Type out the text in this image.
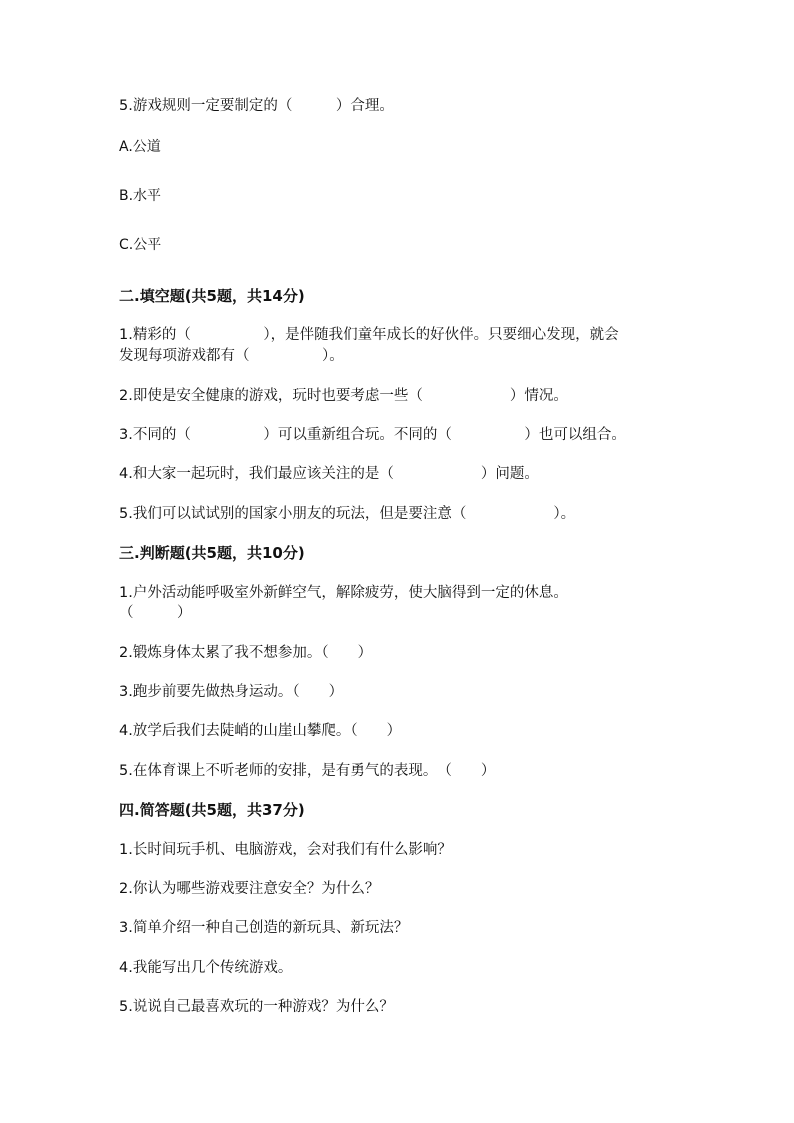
5.游戏规则一定要制定的（　　　）合理。

A.公道

B.水平

C.公平

二.填空题(共5题，共14分)

1.精彩的（　　　　　），是伴随我们童年成长的好伙伴。只要细心发现，就会

发现每项游戏都有（　　　　　）。

2.即使是安全健康的游戏，玩时也要考虑一些（　　　　　　）情况。

3.不同的（　　　　　）可以重新组合玩。不同的（　　　　　）也可以组合。

4.和大家一起玩时，我们最应该关注的是（　　　　　　）问题。

5.我们可以试试别的国家小朋友的玩法，但是要注意（　　　　　　）。

三.判断题(共5题，共10分)

1.户外活动能呼吸室外新鲜空气，解除疲劳，使大脑得到一定的休息。

（　　　）

2.锻炼身体太累了我不想参加。（　　）

3.跑步前要先做热身运动。（　　）

4.放学后我们去陡峭的山崖山攀爬。（　　）

5.在体育课上不听老师的安排，是有勇气的表现。　（　　）

四.简答题(共5题，共37分)

1.长时间玩手机、电脑游戏，会对我们有什么影响？

2.你认为哪些游戏要注意安全？为什么？

3.简单介绍一种自己创造的新玩具、新玩法？

4.我能写出几个传统游戏。

5.说说自己最喜欢玩的一种游戏？为什么？
